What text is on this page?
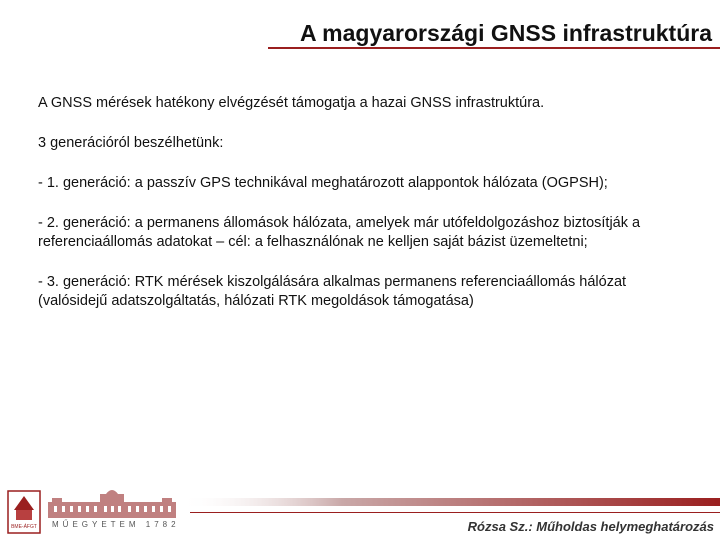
A magyarországi GNSS infrastruktúra

A GNSS mérések hatékony elvégzését támogatja a hazai GNSS infrastruktúra.

3 generációról beszélhetünk:

- 1. generáció: a passzív GPS technikával meghatározott alappontok hálózata (OGPSH);

- 2. generáció: a permanens állomások hálózata, amelyek már utófeldolgozáshoz biztosítják a referenciaállomás adatokat – cél: a felhasználónak ne kelljen saját bázist üzemeltetni;

- 3. generáció: RTK mérések kiszolgálására alkalmas permanens referenciaállomás hálózat (valósidejű adatszolgáltatás, hálózati RTK megoldások támogatása)

BME-ÁFGT MŰEGYETEM 1782	Rózsa Sz.: Műholdas helymeghatározás
